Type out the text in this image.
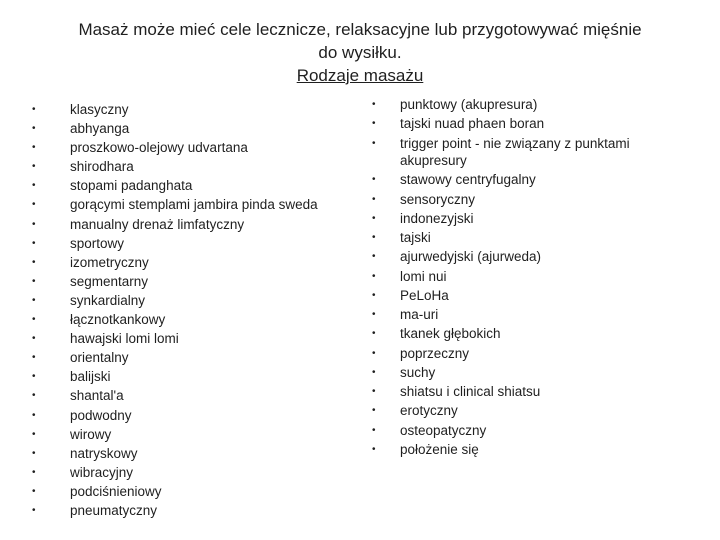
Masaż może mieć cele lecznicze, relaksacyjne lub przygotowywać mięśnie
do wysiłku.
Rodzaje masażu
•	klasyczny
•	abhyanga
•	proszkowo-olejowy udvartana
•	shirodhara
•	stopami padanghata
•	gorącymi stemplami jambira pinda sweda
•	manualny drenaż limfatyczny
•	sportowy
•	izometryczny
•	segmentarny
•	synkardialny
•	łącznotkankowy
•	hawajski lomi lomi
•	orientalny
•	balijski
•	shantal'a
•	podwodny
•	wirowy
•	natryskowy
•	wibracyjny
•	podciśnieniowy
•	pneumatyczny
• punktowy (akupresura)
• tajski nuad phaen boran
• trigger point - nie związany z punktami akupresury
• stawowy centryfugalny
• sensoryczny
• indonezyjski
• tajski
• ajurwedyjski (ajurweda)
• lomi nui
• PeLoHa
• ma-uri
• tkanek głębokich
• poprzeczny
• suchy
• shiatsu i clinical shiatsu
• erotyczny
• osteopatyczny
• położenie się
